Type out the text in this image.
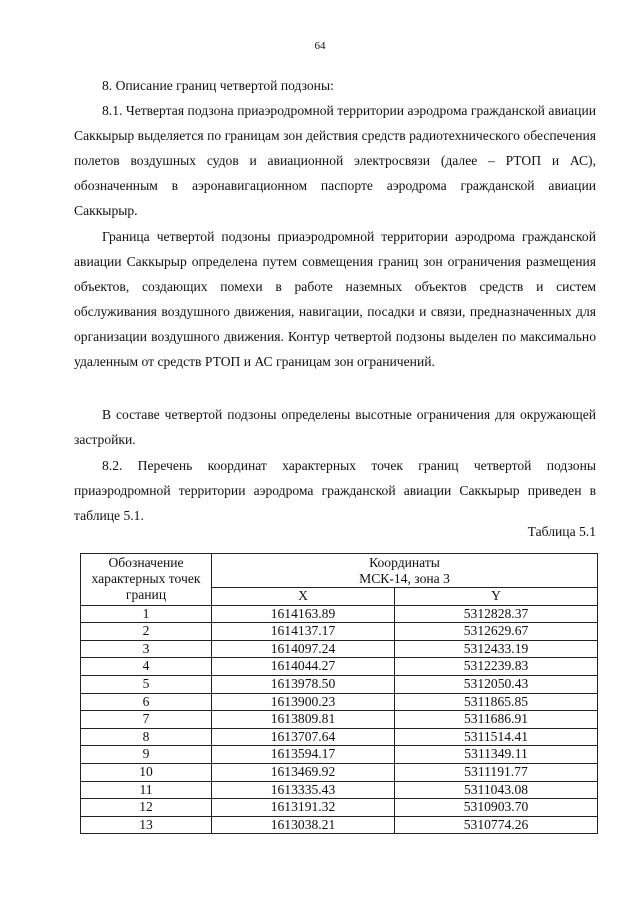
64

8. Описание границ четвертой подзоны:

8.1. Четвертая подзона приаэродромной территории аэродрома гражданской авиации Саккырыр выделяется по границам зон действия средств радиотехнического обеспечения полетов воздушных судов и авиационной электросвязи (далее – РТОП и АС), обозначенным в аэронавигационном паспорте аэродрома гражданской авиации Саккырыр.

Граница четвертой подзоны приаэродромной территории аэродрома гражданской авиации Саккырыр определена путем совмещения границ зон ограничения размещения объектов, создающих помехи в работе наземных объектов средств и систем обслуживания воздушного движения, навигации, посадки и связи, предназначенных для организации воздушного движения. Контур четвертой подзоны выделен по максимально удаленным от средств РТОП и АС границам зон ограничений.

В составе четвертой подзоны определены высотные ограничения для окружающей застройки.

8.2. Перечень координат характерных точек границ четвертой подзоны приаэродромной территории аэродрома гражданской авиации Саккырыр приведен в таблице 5.1.

Таблица 5.1
Обозначение характерных точек границ	Координаты
МСК-14, зона 3	
	X	Y
1	1614163.89	5312828.37
2	1614137.17	5312629.67
3	1614097.24	5312433.19
4	1614044.27	5312239.83
5	1613978.50	5312050.43
6	1613900.23	5311865.85
7	1613809.81	5311686.91
8	1613707.64	5311514.41
9	1613594.17	5311349.11
10	1613469.92	5311191.77
11	1613335.43	5311043.08
12	1613191.32	5310903.70
13	1613038.21	5310774.26
